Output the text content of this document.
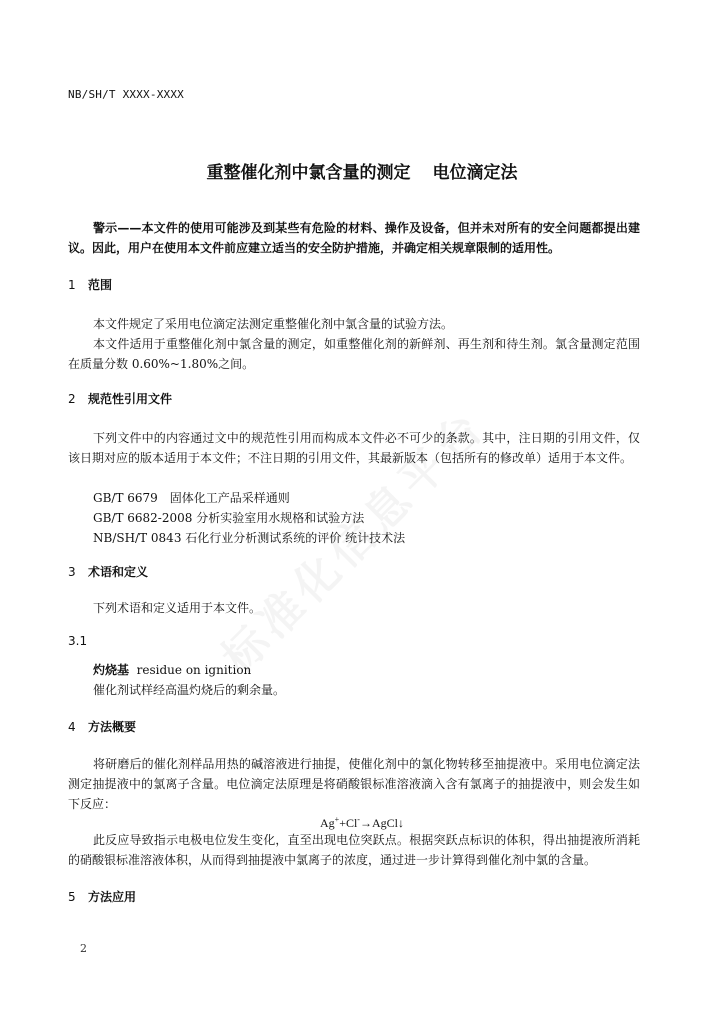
NB/SH/T XXXX-XXXX
重整催化剂中氯含量的测定 电位滴定法
警示——本文件的使用可能涉及到某些有危险的材料、操作及设备，但并未对所有的安全问题都提出建议。因此，用户在使用本文件前应建立适当的安全防护措施，并确定相关规章限制的适用性。
1 范围
本文件规定了采用电位滴定法测定重整催化剂中氯含量的试验方法。
本文件适用于重整催化剂中氯含量的测定，如重整催化剂的新鲜剂、再生剂和待生剂。氯含量测定范围在质量分数 0.60%~1.80%之间。
2 规范性引用文件
下列文件中的内容通过文中的规范性引用而构成本文件必不可少的条款。其中，注日期的引用文件，仅该日期对应的版本适用于本文件；不注日期的引用文件，其最新版本（包括所有的修改单）适用于本文件。
GB/T 6679　固体化工产品采样通则
GB/T 6682-2008 分析实验室用水规格和试验方法
NB/SH/T 0843 石化行业分析测试系统的评价 统计技术法
3 术语和定义
下列术语和定义适用于本文件。
3.1
灼烧基 residue on ignition
催化剂试样经高温灼烧后的剩余量。
4 方法概要
将研磨后的催化剂样品用热的碱溶液进行抽提，使催化剂中的氯化物转移至抽提液中。采用电位滴定法测定抽提液中的氯离子含量。电位滴定法原理是将硝酸银标准溶液滴入含有氯离子的抽提液中，则会发生如下反应：
Ag++Cl-→AgCl↓
此反应导致指示电极电位发生变化，直至出现电位突跃点。根据突跃点标识的体积，得出抽提液所消耗的硝酸银标准溶液体积，从而得到抽提液中氯离子的浓度，通过进一步计算得到催化剂中氯的含量。
5 方法应用
2
